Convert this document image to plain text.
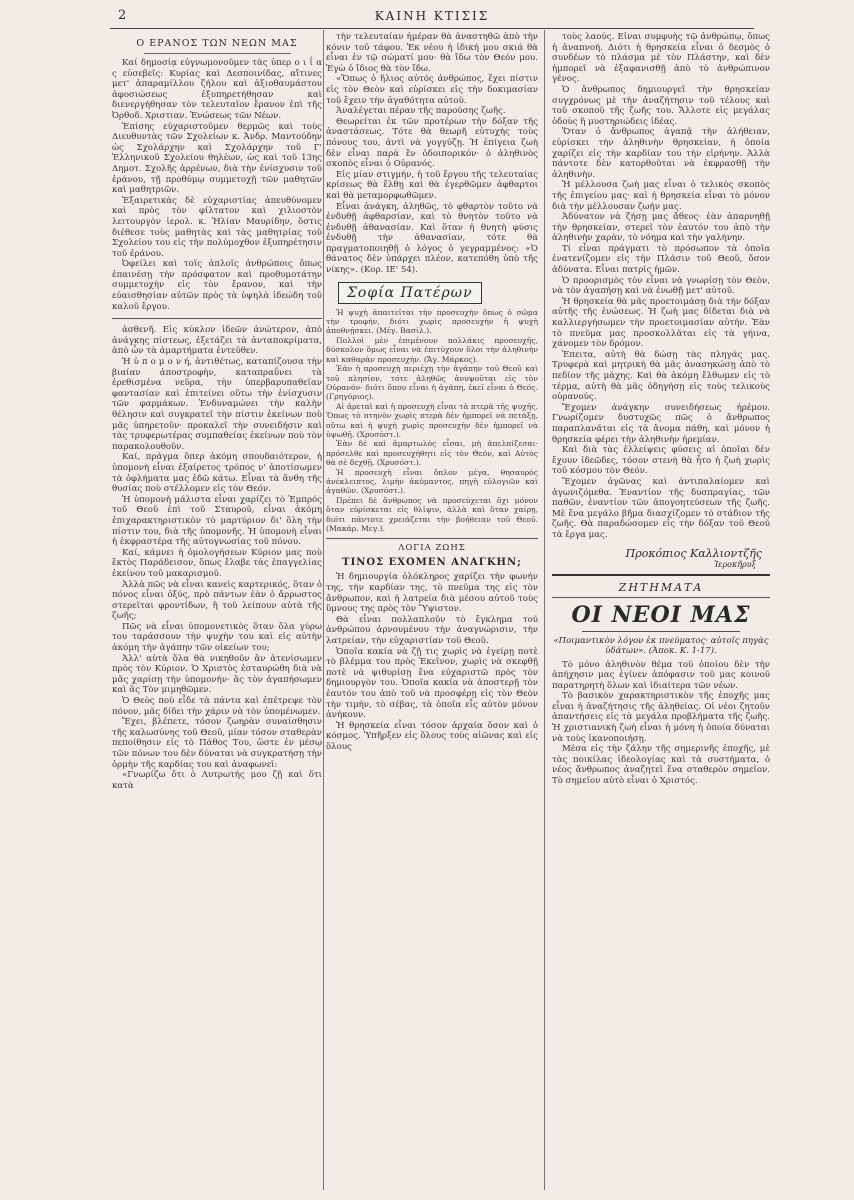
2	ΚΑΙΝΗ ΚΤΙΣΙΣ
Ο ΕΡΑΝΟΣ ΤΩΝ ΝΕΩΝ ΜΑΣ

Καί δημοσίᾳ εὐγνωμονοῦμεν τὰς ὑπερ ο ι ΐ α ς εὐσεβεῖς: Κυρίας καὶ Δεσποινίδας, αἵτινες μετ' ἀπαραμίλλου ζήλου καὶ ἀξιοθαυμάστου ἀφοσιώσεως ἐξυπηρετήθησαν καὶ διενεργήθησαν τὸν τελευταῖον ἔρανον ἐπὶ τῆς Ὀρθοδ. Χριστιαν. Ἑνώσεως τῶν Νέων.

Ἐπίσης εὐχαριστοῦμεν θερμῶς καὶ τοὺς Διευθυντὰς τῶν Σχολείων κ. Ἀνδρ. Μαντούδην ὡς Σχολάρχην καὶ Σχολάρχην τοῦ Γ' Ἑλληνικοῦ Σχολείου θηλέων, ὡς καὶ τοῦ 13ης Δημοτ. Σχολῆς ἀρρένων, διὰ τὴν ἐνίσχυσιν τοῦ ἐράνου, τῇ προθύμῳ συμμετοχῇ τῶν μαθητῶν καὶ μαθητριῶν.

Ἐξαιρετικὰς δὲ εὐχαριστίας ἀπευθύνομεν καὶ πρὸς τὸν φίλτατον καὶ χιλιοστὸν λειτουργὸν ἱερολ. κ. Ἠλίαν Μαυρίδην, ὅστις διέθεσε τοὺς μαθητὰς καὶ τὰς μαθητρίας τοῦ Σχολείου του εἰς τὴν πολύμοχθον ἐξυπηρέτησιν τοῦ ἐράνου.

Ὀφείλει καὶ τοῖς ἁπλοῖς ἀνθρώποις ὅπως ἐπαινέσῃ τὴν πρόσφατον καὶ προθυμοτάτην συμμετοχὴν εἰς τὸν ἔρανον, καὶ τὴν εὐαισθησίαν αὐτῶν πρὸς τὰ ὑψηλὰ ἰδεώδη τοῦ καλοῦ ἔργου.

ἀσθενῆ. Εἰς κύκλον ἰδεῶν ἀνώτερον, ἀπὸ ἀνάγκης πίστεως, ἐξετάζει τὰ ἀνταποκρίματα, ἀπὸ ὧν τὰ ἀμαρτήματα ἐντεῦθεν.

Ἡ ὑ π ο μ ο ν ή, ἀντιθέτως, καταπίζουσα τὴν βιαίαν ἀποστροφὴν, καταπραΰνει τὰ ἐρεθισμένα νεῦρα, τὴν ὑπερβαρυπαθεῖαν φαντασίαν καὶ ἐπιτείνει οὕτω τὴν ἐνίσχυσιν τῶν φαρμάκων. Ἐνδυναμώνει τὴν καλὴν θέλησιν καὶ συγκρατεῖ τὴν πίστιν ἐκείνων ποὺ μᾶς ὑπηρετοῦν· προκαλεῖ τὴν συνειδήσιν καὶ τὰς τρυφερωτέρας συμπαθείας ἐκείνων ποὺ τὸν παρακολουθοῦν.

Καί, πράγμα ὅπερ ἀκόμη σπουδαιότερον, ἡ ὑπομονὴ εἶναι ἐξαίρετος τρόπος ν' ἀποτίσωμεν τὰ ὀφλήματα μας ἐδῶ κάτω. Εἶναι τὰ ἄνθη τῆς θυσίας ποὺ στέλλομεν εἰς τὸν Θεόν.

Ἡ ὑπομονὴ μάλιστα εἶναι χαρίζει τὸ Ἐμπρός τοῦ Θεοῦ ἐπὶ τοῦ Σταυροῦ, εἶναι ἀκόμη ἐπιχαρακτηριστικὸν τὸ μαρτύριον δι' ὅλη τὴν πίστιν του, διὰ τῆς ὑπομονῆς. Ἡ ὑπομονὴ εἶναι ἡ ἐκφραστέρα τῆς αὐτογνωσίας τοῦ πόνου.

Καί, κάμνει ἡ ὁμολογήσεων Κύριον μας ποὺ ἔκτὸς Παράδεισον, ὅπως ἔλαβε τὰς ἐπαγγελίας ἐκείνου τοῦ μακαρισμοῦ.

Ἀλλὰ πῶς νὰ εἶναι κανεὶς καρτερικός, ὅταν ὁ πόνος εἶναι ὀξύς, πρὸ πάντων ἐὰν ὁ ἄρρωστος στερεῖται φροντίδων, ἢ τοῦ λείπουν αὐτὰ τῆς ζωῆς;

Πῶς νὰ εἶναι ὑπομονετικὸς ὅταν ὅλα γύρω του ταράσσουν τὴν ψυχὴν του καὶ εἰς αὐτὴν ἀκόμη τὴν ἀγάπην τῶν οἰκείων του;

Ἀλλ' αὐτὰ ὅλα θὰ νικηθοῦν ἂν ἀτενίσωμεν πρὸς τὸν Κύριον. Ὁ Χριστὸς ἐσταυρώθη διὰ νὰ μᾶς χαρίσῃ τὴν ὑπομονήν· ἂς τὸν ἀγαπήσωμεν καὶ ἂς Τὸν μιμηθῶμεν.

Ὁ Θεὸς ποὺ εἶδε τὰ πάντα καὶ ἐπέτρεψε τὸν πόνον, μᾶς δίδει τὴν χάριν νὰ τὸν ὑπομένωμεν.

Ἔχει, βλέπετε, τόσον ζωηρὰν συναίσθησιν τῆς καλωσύνης τοῦ Θεοῦ, μίαν τόσον σταθερὰν πεποίθησιν εἰς τὸ Πάθος Του, ὥστε ἐν μέσῳ τῶν πόνων του δὲν δύναται νὰ συγκρατήσῃ τὴν ὁρμὴν τῆς καρδίας του καὶ ἀναφωνεῖ:

«Γνωρίζω ὅτι ὁ Λυτρωτής μου ζῇ καὶ ὅτι κατὰ

τὴν τελευταίαν ἡμέραν θὰ ἀναστηθῶ ἀπὸ τὴν κόνιν τοῦ τάφου. Ἐκ νέου ἡ ἰδική μου σκιά θὰ εἶναι ἐν τῷ σώματί μου· θὰ ἴδω τὸν Θεόν μου. Ἐγὼ ὁ ἴδιος θὰ τὸν ἴδω.

«Ὅπως ὁ ἥλιος αὐτός ἀνθρώπος, ἔχει πίστιν εἰς τὸν Θεὸν καὶ εὑρίσκει εἰς τὴν δοκιμασίαν τοῦ ἔχειν τὴν ἀγαθότητα αὐτοῦ.

Ἀναλέγεται πέραν τῆς παρούσης ζωῆς.

Θεωρείται ἐκ τῶν προτέρων τὴν δόξαν τῆς ἀναστάσεως. Τότε θὰ θεωρῆ εὐτυχὴς τοὺς πόνους του, ἀντὶ νὰ γογγύζῃ. Ἡ ἐπίγεια ζωὴ δὲν εἶναι παρὰ ἓν ὁδοιπορικόν· ὁ ἀληθινὸς σκοπὸς εἶναι ὁ Οὐρανός.

Εἰς μίαν στιγμήν, ἡ τοῦ ἔργου τῆς τελευταίας κρίσεως θὰ ἔλθῃ καὶ θὰ ἐγερθῶμεν ἀφθαρτοι καὶ θὰ μεταμορφωθῶμεν.

Εἶναι ἀνάγκη, ἀληθῶς, τὸ φθαρτὸν τοῦτο νὰ ἐνδυθῇ ἀφθαρσίαν, καὶ τὸ θνητὸν τοῦτο νὰ ἐνδυθῇ ἀθανασίαν. Καὶ ὅταν ἡ θνητὴ φύσις ἐνδυθῇ τὴν ἀθανασίαν, τότε θὰ πραγματοποιηθῇ ὁ λόγος ὁ γεγραμμένος: «Ὁ θάνατος δὲν ὑπάρχει πλέον, κατεπόθη ὑπὸ τῆς νίκης». (Κορ. ΙΕ' 54).

Σοφία Πατέρων

Ἡ ψυχὴ ἀπαιτεῖται τὴν προσευχὴν ὅπως ὁ σῶμα τὴν τροφήν, διότι χωρὶς προσευχὴν ἡ ψυχὴ ἀποθνῄσκει. (Μέγ. Βασίλ.).

Πολλοὶ μὲν ἐπιμένουν πολλάκις προσευχῆς, δύσκολον ὅμως εἶναι νὰ ἐπιτύχουν ὅλοι τὴν ἀληθινὴν καὶ καθαρὰν προσευχήν. (Ἄγ. Μάρκος).

Ἐὰν ἡ προσευχὴ περιέχῃ τὴν ἀγάπην τοῦ Θεοῦ καὶ τοῦ πλησίον, τότε ἀληθῶς ἀνυψοῦται εἰς τὸν Οὐρανόν· διότι ὅπου εἶναι ἡ ἀγάπη, ἐκεῖ εἶναι ὁ Θεός. (Γρηγόριος).

Αἱ ἀρεταὶ καὶ ἡ προσευχὴ εἶναι τὰ πτερὰ τῆς ψυχῆς. Ὅπως τὸ πτηνὸν χωρὶς πτερὰ δὲν ἠμπορεῖ νὰ πετάξῃ, οὕτω καὶ ἡ ψυχὴ χωρὶς προσευχὴν δὲν ἠμπορεῖ νὰ ὑψωθῇ. (Χρυσόστ.).

Ἐὰν δὲ καὶ ἁμαρτωλὸς εἶσαι, μὴ ἀπελπίζεσαι· πρόσελθε καὶ προσευχήθητι εἰς τὸν Θεόν, καὶ Αὐτὸς θὰ σὲ δεχθῇ. (Χρυσόστ.).

Ἡ προσευχὴ εἶναι ὅπλον μέγα, θησαυρὸς ἀνέκλειπτος, λιμὴν ἀκύμαντος, πηγὴ εὐλογιῶν καὶ ἀγαθῶν. (Χρυσόστ.).

Πρέπει δὲ ἄνθρωπος νὰ προσεύχεται ὄχι μόνον ὅταν εὑρίσκεται εἰς θλῖψιν, ἀλλὰ καὶ ὅταν χαίρῃ, διότι πάντοτε χρειάζεται τὴν βοήθειαν τοῦ Θεοῦ. (Μακάρ. Μεγ.).

ΛΟΓΙΑ ΖΩΗΣ
ΤΙΝΟΣ ΕΧΟΜΕΝ ΑΝΑΓΚΗΝ;

Ἡ δημιουργία ὁλόκληρος χαρίζει τὴν φωνήν της, τὴν καρδίαν της, τὸ πνεῦμα της εἰς τὸν ἄνθρωπον, καὶ ἡ λατρεία διὰ μέσου αὐτοῦ τοὺς ὕμνους της πρὸς τὸν Ὕψιστον.

Θὰ εἶναι πολλαπλοῦν τὸ ἔγκλημα τοῦ ἀνθρώπου ἀρνουμένου τὴν ἀναγνώρισιν, τὴν λατρείαν, τὴν εὐχαριστίαν τοῦ Θεοῦ.

Ὁποῖα κακία νὰ ζῇ τις χωρὶς νὰ ἐγείρῃ ποτὲ τὸ βλέμμα του πρὸς Ἐκεῖνον, χωρὶς νὰ σκεφθῇ ποτὲ νὰ ψιθυρίσῃ ἕνα εὐχαριστῶ πρὸς τὸν δημιουργὸν του. Ὁποῖα κακία νὰ ἀποστερῇ τὸν ἑαυτόν του ἀπὸ τοῦ νὰ προσφέρῃ εἰς τὸν Θεὸν τὴν τιμήν, τὸ σέβας, τὰ ὁποῖα εἶς αὐτὸν μόνον ἀνήκουν.

Ἡ θρησκεία εἶναι τόσον ἀρχαία ὅσον καὶ ὁ κόσμος. Ὑπῆρξεν εἰς ὅλους τοὺς αἰῶνας καὶ εἰς ὅλους

τοὺς λαούς. Εἶναι συμφυὴς τῷ ἀνθρώπῳ, ὅπως ἡ ἀναπνοή. Διότι ἡ θρησκεία εἶναι ὁ δεσμὸς ὁ συνδέων τὸ πλάσμα μὲ τὸν Πλάστην, καὶ δὲν ἠμπορεῖ νὰ ἐξαφανισθῇ ἀπὸ τὸ ἀνθρώπινον γένος.

Ὁ ἄνθρωπος δημιουργεῖ τὴν θρησκείαν συγχρόνως μὲ τὴν ἀναζήτησιν τοῦ τέλους καὶ τοῦ σκοποῦ τῆς ζωῆς του. Ἄλλοτε εἰς μεγάλας ὁδοὺς ἢ μυστηριώδεις ἰδέας.

Ὅταν ὁ ἄνθρωπος ἀγαπᾷ τὴν ἀλήθειαν, εὑρίσκει τὴν ἀληθινὴν θρησκείαν, ἡ ὁποία χαρίζει εἰς τὴν καρδίαν του τὴν εἰρήνην. Ἀλλὰ πάντοτε δὲν κατορθοῦται νὰ ἐκφρασθῇ τὴν ἀληθινὴν.

Ἡ μέλλουσα ζωὴ μας εἶναι ὁ τελικὸς σκοπὸς τῆς ἐπιγείου μας· καὶ ἡ θρησκεία εἶναι τὸ μόνον διὰ τὴν μέλλουσαν ζωήν μας.

Ἀδύνατον νὰ ζήσῃ μας ἄθεος· ἐὰν ἀπαρνηθῇ τὴν θρησκείαν, στερεῖ τὸν ἑαυτόν του ἀπὸ τὴν ἀληθινὴν χαρὰν, τὸ νόημα καὶ τὴν γαλήνην.

Τί εἶναι πράγματι τὸ πρόσωπον τὰ ὁποῖα ἐνατενίζομεν εἰς τὴν Πλάσιν τοῦ Θεοῦ, ὅσον ἀδύνατα. Εἶναι πατρίς ἡμῶν.

Ὁ προορισμὸς τὸν εἶναι νὰ γνωρίσῃ τὸν Θεὸν, νὰ τὸν ἀγαπήσῃ καὶ νὰ ἐνωθῇ μετ' αὐτοῦ.

Ἡ θρησκεία θὰ μᾶς προετοιμάσῃ διὰ τὴν δόξαν αὐτῆς τῆς ἑνώσεως. Ἡ ζωὴ μας δίδεται διὰ νὰ καλλιεργήσωμεν τὴν προετοιμασίαν αὐτήν. Ἐὰν τὸ πνεῦμα μας προσκολλᾶται εἰς τὰ γήινα, χάνομεν τὸν δρόμον.

Ἐπειτα, αὐτὴ θὰ δώσῃ τὰς πληγάς μας. Τρυφερὰ καὶ μητρικὴ θὰ μᾶς ἀνασηκώσῃ ἀπὸ τὸ πεδίον τῆς μάχης. Καὶ θὰ ἀκόμη ἔλθωμεν εἰς τὸ τέρμα, αὐτὴ θὰ μᾶς ὁδηγήσῃ εἰς τοὺς τελικοὺς οὐρανούς.

Ἔχομεν ἀνάγκην συνειδήσεως ἠρέμου. Γνωρίζομεν δυστυχῶς πῶς ὁ ἄνθρωπος παραπλανᾶται εἰς τὰ ἄνομα πάθη, καὶ μόνον ἡ θρησκεία φέρει τὴν ἀληθινὴν ἠρεμίαν.

Καὶ διὰ τὰς ἐλλείψεις φύσεις αἱ ὁποῖαι δὲν ἔχουν ἰδεῶδες, τόσον στενὴ θὰ ἦτο ἡ ζωὴ χωρὶς τοῦ κόσμου τὸν Θεόν.

Ἔχομεν ἀγῶνας καὶ ἀντιπαλαίομεν καὶ ἀγωνιζόμεθα. Ἐναντίον τῆς δυσπραγίας, τῶν παθῶν, ἐναντίον τῶν ἀπογοητεύσεων τῆς ζωῆς. Μὲ ἕνα μεγάλο βῆμα διασχίζομεν τὸ στάδιον τῆς ζωῆς. Θὰ παραδώσομεν εἰς τὴν δόξαν τοῦ Θεοῦ τὰ ἔργα μας.

Προκόπιος Καλλιοντζῆς
Ἱεροκῆρυξ
ΖΗΤΗΜΑΤΑ
ΟΙ ΝΕΟΙ ΜΑΣ
«Ποιμαντικὸν λόγον ἐκ πνεύματος· αὐτοῖς πηγὰς ὑδάτων». (Ἀποκ. Κ. 1-17).

Τὸ μόνο ἀληθινὸν θέμα τοῦ ὁποίου δὲν τὴν ἀπήχησιν μας ἐγίνεν ἀπόφασιν τοῦ μας κοινοῦ παρατηρητὴ ὅλων καὶ ἰδιαίτερα τῶν νέων.

Τὸ βασικὸν χαρακτηριστικὸν τῆς ἐποχῆς μας εἶναι ἡ ἀναζήτησις τῆς ἀληθείας. Οἱ νέοι ζητοῦν ἀπαντήσεις εἰς τὰ μεγάλα προβλήματα τῆς ζωῆς. Ἡ χριστιανικὴ ζωὴ εἶναι ἡ μόνη ἡ ὁποία δύναται νὰ τοὺς ἱκανοποιήσῃ.

Μέσα εἰς τὴν ζάλην τῆς σημερινῆς ἐποχῆς, μὲ τὰς ποικίλας ἰδεολογίας καὶ τὰ συστήματα, ὁ νέος ἄνθρωπος ἀναζητεῖ ἕνα σταθερὸν σημεῖον. Τὸ σημεῖον αὐτὸ εἶναι ὁ Χριστός.
